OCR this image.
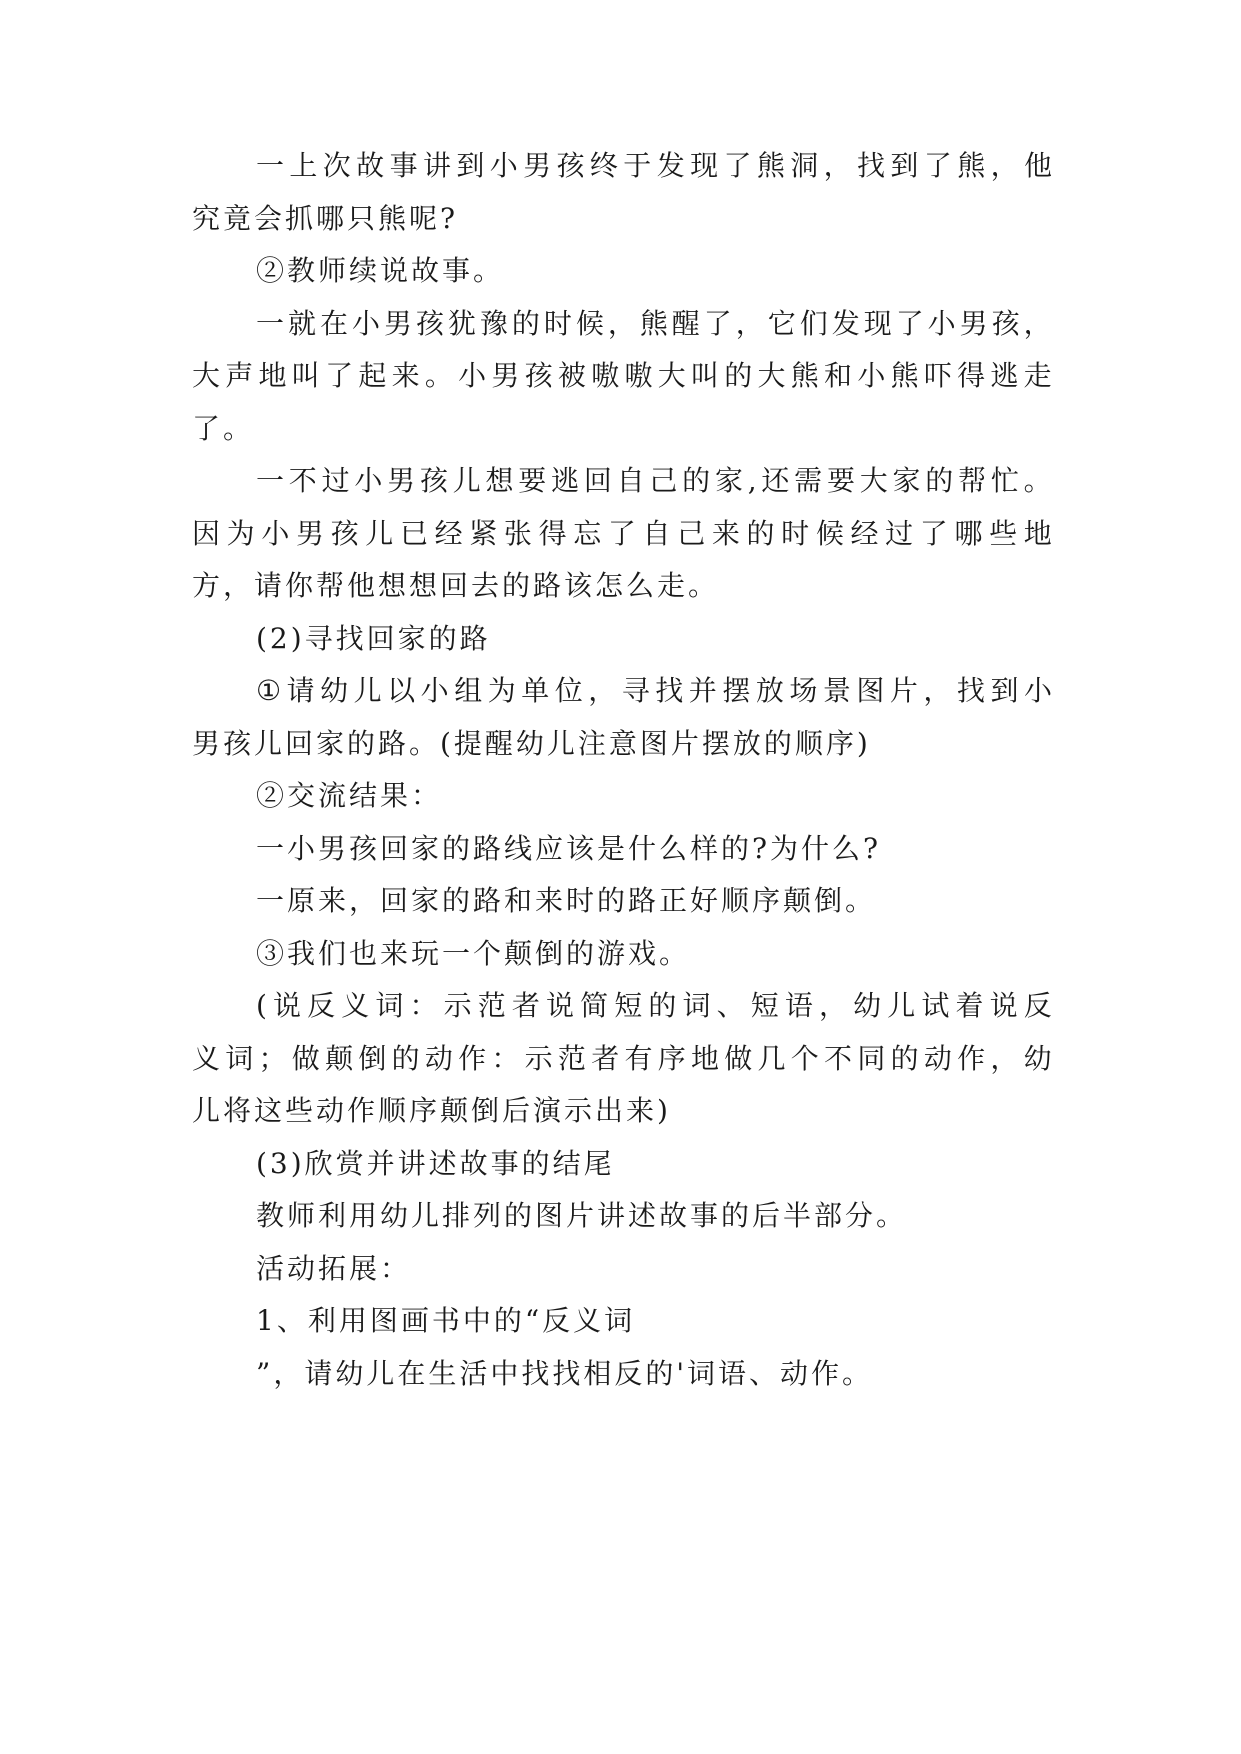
一 上 次 故 事 讲 到 小 男 孩 终 于 发 现 了 熊 洞 ， 找 到 了 熊 ， 他
究竟会抓哪只熊呢?
②教师续说故事。
一 就 在 小 男 孩 犹 豫 的 时 候 ， 熊 醒 了 ， 它 们 发 现 了 小 男 孩 ，
大 声 地 叫 了 起 来 。 小 男 孩 被 嗷 嗷 大 叫 的 大 熊 和 小 熊 吓 得 逃 走
了。
一 不 过 小 男 孩 儿 想 要 逃 回 自 己 的 家 , 还 需 要 大 家 的 帮 忙 。
因 为 小 男 孩 儿 已 经 紧 张 得 忘 了 自 己 来 的 时 候 经 过 了 哪 些 地
方，请你帮他想想回去的路该怎么走。
(2)寻找回家的路
① 请 幼 儿 以 小 组 为 单 位 ， 寻 找 并 摆 放 场 景 图 片 ， 找 到 小
男孩儿回家的路。(提醒幼儿注意图片摆放的顺序)
②交流结果：
一小男孩回家的路线应该是什么样的?为什么?
一原来，回家的路和来时的路正好顺序颠倒。
③我们也来玩一个颠倒的游戏。
( 说 反 义 词 ： 示 范 者 说 简 短 的 词 、 短 语 ， 幼 儿 试 着 说 反
义 词 ； 做 颠 倒 的 动 作 ： 示 范 者 有 序 地 做 几 个 不 同 的 动 作 ， 幼
儿将这些动作顺序颠倒后演示出来)
(3)欣赏并讲述故事的结尾
教师利用幼儿排列的图片讲述故事的后半部分。
活动拓展：
1、利用图画书中的“反义词
”，请幼儿在生活中找找相反的'词语、动作。
